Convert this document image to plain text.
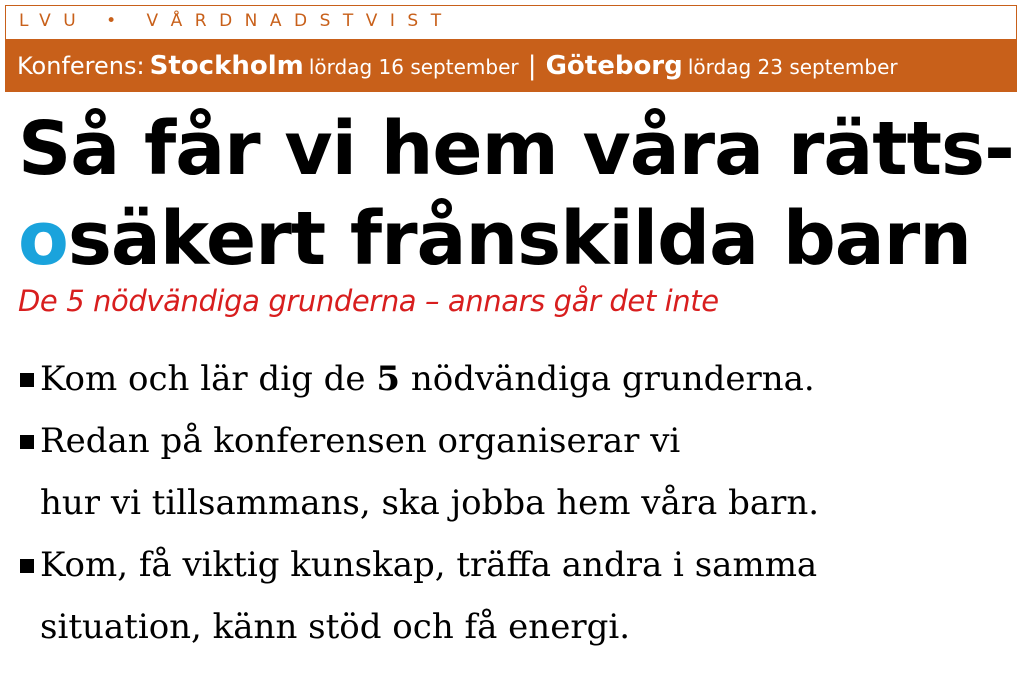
LVU • VÅRDNADSTVIST
Konferens: Stockholm lördag 16 september | Göteborg lördag 23 september
Så får vi hem våra rätts-
osäkert frånskilda barn

De 5 nödvändiga grunderna – annars går det inte

Kom och lär dig de 5 nödvändiga grunderna.
Redan på konferensen organiserar vi
hur vi tillsammans, ska jobba hem våra barn.
Kom, få viktig kunskap, träffa andra i samma
situation, känn stöd och få energi.
